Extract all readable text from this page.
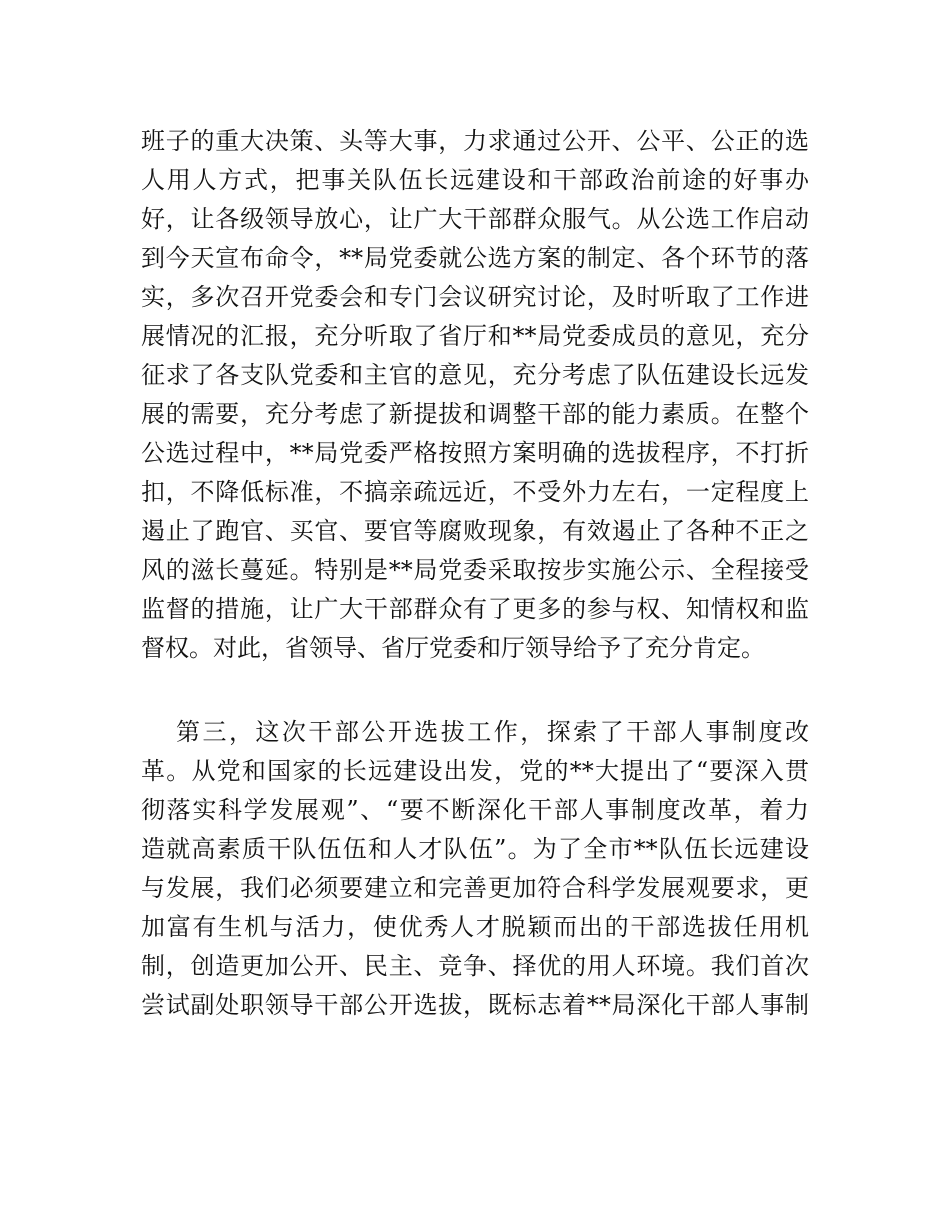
班子的重大决策、头等大事，力求通过公开、公平、公正的选
人用人方式，把事关队伍长远建设和干部政治前途的好事办
好，让各级领导放心，让广大干部群众服气。从公选工作启动
到今天宣布命令，**局党委就公选方案的制定、各个环节的落
实，多次召开党委会和专门会议研究讨论，及时听取了工作进
展情况的汇报，充分听取了省厅和**局党委成员的意见，充分
征求了各支队党委和主官的意见，充分考虑了队伍建设长远发
展的需要，充分考虑了新提拔和调整干部的能力素质。在整个
公选过程中，**局党委严格按照方案明确的选拔程序，不打折
扣，不降低标准，不搞亲疏远近，不受外力左右，一定程度上
遏止了跑官、买官、要官等腐败现象，有效遏止了各种不正之
风的滋长蔓延。特别是**局党委采取按步实施公示、全程接受
监督的措施，让广大干部群众有了更多的参与权、知情权和监
督权。对此，省领导、省厅党委和厅领导给予了充分肯定。
第三，这次干部公开选拔工作，探索了干部人事制度改
革。从党和国家的长远建设出发，党的**大提出了“要深入贯
彻落实科学发展观”、“要不断深化干部人事制度改革，着力
造就高素质干队伍伍和人才队伍”。为了全市**队伍长远建设
与发展，我们必须要建立和完善更加符合科学发展观要求，更
加富有生机与活力，使优秀人才脱颖而出的干部选拔任用机
制，创造更加公开、民主、竞争、择优的用人环境。我们首次
尝试副处职领导干部公开选拔，既标志着**局深化干部人事制
